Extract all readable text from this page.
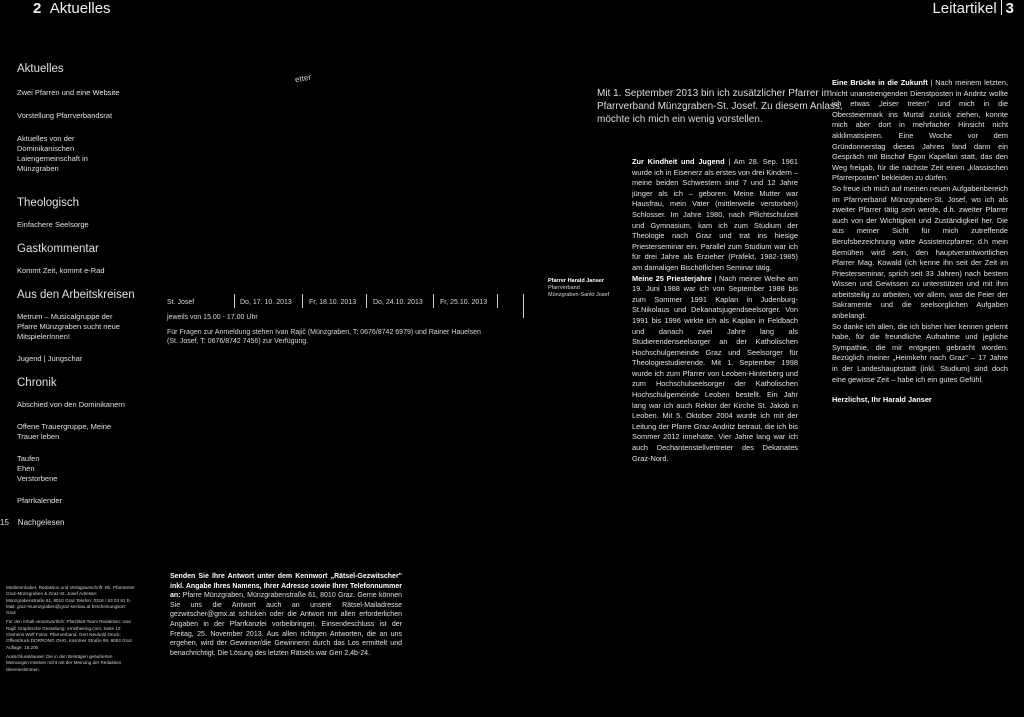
2 Aktuelles	Leitartikel 3

Aktuelles

Zwei Pfarren und eine Website

Vorstellung Pfarrverbandsrat

Aktuelles von der Dominikanischen Laiengemeinschaft in Münzgraben

Theologisch

Einfachere Seelsorge

Gastkommentar

Kommt Zeit, kommt e-Rad

Aus den Arbeitskreisen

Metrum – Musicalgruppe der Pfarre Münzgraben sucht neue MitspielerInnen!

Jugend | Jungschar

Chronik

Abschied von den Dominikanern

Offene Trauergruppe, Meine Trauer leben

Taufen
Ehen
Verstorbene

Pfarrkalender

15 Nachgelesen
etter
St. Josef	Do, 17. 10. 2013 Fr, 18.10. 2013 Do, 24.10. 2013 Fr, 25.10. 2013
jeweils von 15.00 - 17.00 Uhr
Für Fragen zur Anmeldung stehen Ivan Rajič (Münzgraben, T: 0676/8742 6979) und Rainer Hauelsen (St. Josef, T: 0676/8742 7456) zur Verfügung.
Pfarrer Harald Janser
Pfarrverband
Münzgraben-Sankt Josef
Mit 1. September 2013 bin ich zusätzlicher Pfarrer im Pfarrverband Münzgraben-St. Josef. Zu diesem Anlass, möchte ich mich ein wenig vorstellen.

Zur Kindheit und Jugend | Am 28. Sep. 1961 wurde ich in Eisenerz als erstes von drei Kindern – meine beiden Schwestern sind 7 und 12 Jahre jünger als ich – geboren. Meine Mutter war Hausfrau, mein Vater (mittlerweile verstorben) Schlosser. Im Jahre 1980, nach Pflichtschulzeit und Gymnasium, kam ich zum Studium der Theologie nach Graz und trat ins hiesige Priesterseminar ein. Parallel zum Studium war ich für drei Jahre als Erzieher (Präfekt, 1982-1985) am damaligen Bischöflichen Seminar tätig.

Meine 25 Priesterjahre | Nach meiner Weihe am 19. Juni 1988 war ich von September 1988 bis zum Sommer 1991 Kaplan in Judenburg-St.Nikolaus und Dekanatsjugendseelsorger. Von 1991 bis 1996 wirkte ich als Kaplan in Feldbach und danach zwei Jahre lang als Studierendenseelsorger an der Katholischen Hochschulgemeinde Graz und Seelsorger für Theologiestudierende. Mit 1. September 1998 wurde ich zum Pfarrer von Leoben-Hinterberg und zum Hochschulseelsorger der Katholischen Hochschulgemeinde Leoben bestellt. Ein Jahr lang war ich auch Rektor der Kirche St. Jakob in Leoben. Mit 5. Oktober 2004 wurde ich mit der Leitung der Pfarre Graz-Andritz betraut, die ich bis Sommer 2012 innehatte. Vier Jahre lang war ich auch Dechantenstellvertreter des Dekanates Graz-Nord.

Eine Brücke in die Zukunft | Nach meinem letzten, nicht unanstrengenden Dienstposten in Andritz wollte ich etwas „leiser treten" und mich in die Obersteiermark ins Murtal zurück ziehen, konnte mich aber dort in mehrfacher Hinsicht nicht akklimatisieren. Eine Woche vor dem Gründonnerstag dieses Jahres fand dann ein Gespräch mit Bischof Egon Kapellari statt, das den Weg freigab, für die nächste Zeit einen „klassischen Pfarrerposten" bekleiden zu dürfen.

So freue ich mich auf meinen neuen Aufgabenbereich im Pfarrverband Münzgraben-St. Josef, wo ich als zweiter Pfarrer tätig sein werde, d.h. zweiter Pfarrer auch von der Wichtigkeit und Zuständigkeit her. Die aus meiner Sicht für mich zutreffende Berufsbezeichnung wäre Assistenzpfarrer; d.h mein Bemühen wird sein, den hauptverantwortlichen Pfarrer Mag. Kowald (ich kenne ihn seit der Zeit im Priesterseminar, sprich seit 33 Jahren) nach bestem Wissen und Gewissen zu unterstützen und mit ihm arbeitsteilig zu arbeiten, vor allem, was die Feier der Sakramente und die seelsorglichen Aufgaben anbelangt.

So danke ich allen, die ich bisher hier kennen gelernt habe, für die freundliche Aufnahme und jegliche Sympathie, die mir entgegen gebracht worden. Bezüglich meiner „Heimkehr nach Graz" – 17 Jahre in der Landeshauptstadt (inkl. Studium) sind doch eine gewisse Zeit – habe ich ein gutes Gefühl.

Herzlichst, Ihr Harald Janser

Medieninhaber, Redaktion und Verlagsanschrift: Rk. Pfarrämter Graz-Münzgraben & Graz-St. Josef Adresse: Münzgrabenstraße 61, 8010 Graz Telefon: 0316 / 83 03 81 E-Mail: graz-muenzgraben@graz-seckau.at Erscheinungsort: Graz

Für den Inhalt verantwortlich: Pfarrblatt-Team Redaktion: Ivan Rajič Graphische Gestaltung: ernstheiring.com, Seite 12: Clemens Wolf Fotos: Pfarrverband, Gert Neuhold Druck: Offsetdruck DORRONG OHG, Kärntner Straße 98, 8053 Graz Auflage: 15.200

Ausschlussklausel: Die in den Beiträgen geäußerten Meinungen müssen nicht mit der Meinung der Redaktion übereinstimmen.

Senden Sie Ihre Antwort unter dem Kennwort „Rätsel-Gezwitscher" inkl. Angabe Ihres Namens, Ihrer Adresse sowie Ihrer Telefonnummer an: Pfarre Münzgraben, Münzgrabenstraße 61, 8010 Graz. Gerne können Sie uns die Antwort auch an unsere Rätsel-Mailadresse gezwitscher@gmx.at schicken oder die Antwort mit allen erforderlichen Angaben in der Pfarrkanzlei vorbeibringen. Einsendeschluss ist der Freitag, 25. November 2013. Aus allen richtigen Antworten, die an uns ergehen, wird der Gewinner/die Gewinnerin durch das Los ermittelt und benachrichtigt. Die Lösung des letzten Rätsels war Gen 2,4b-24.
